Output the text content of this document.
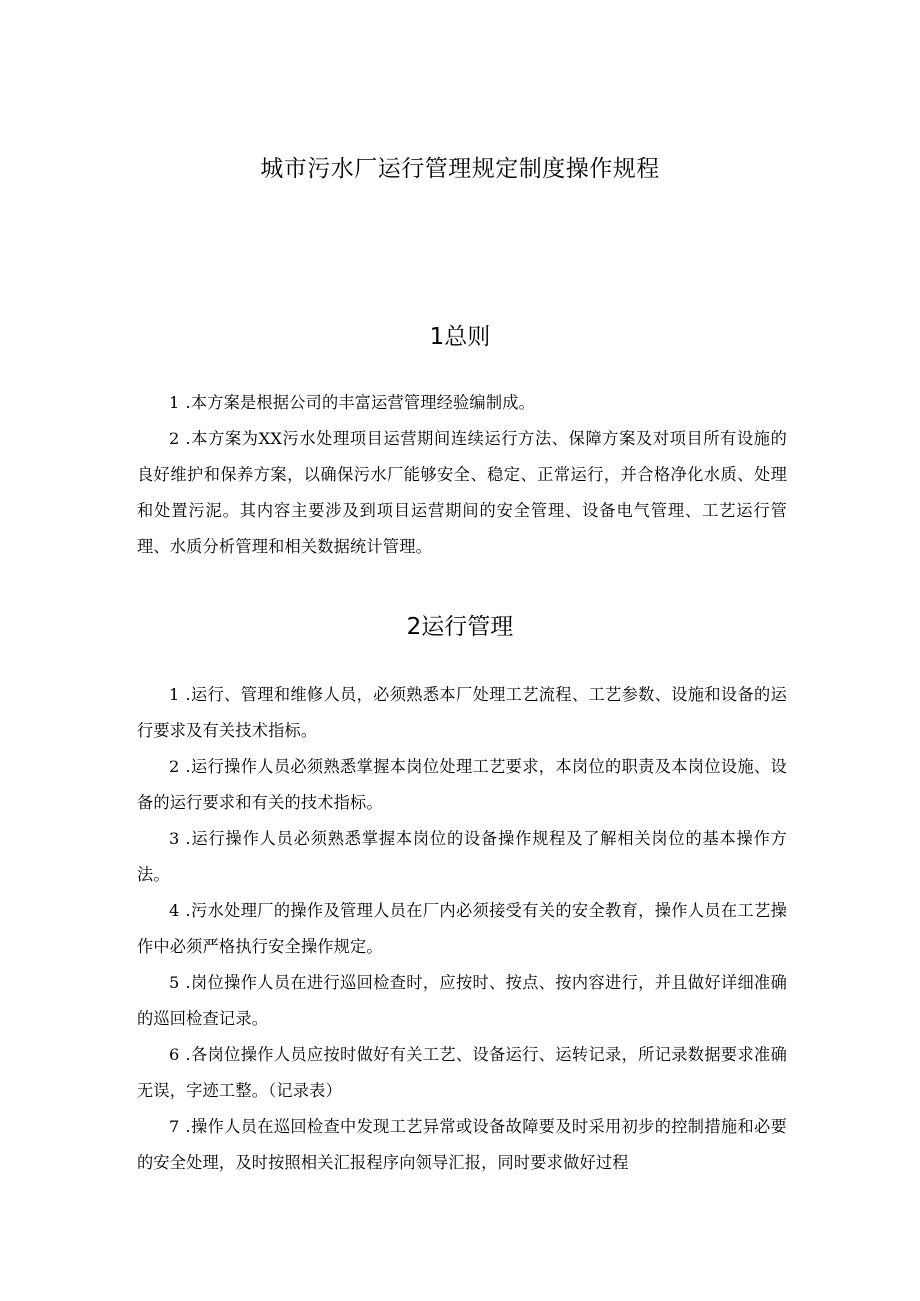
城市污水厂运行管理规定制度操作规程
1总则

1 .本方案是根据公司的丰富运营管理经验编制成。

2 .本方案为XX污水处理项目运营期间连续运行方法、保障方案及对项目所有设施的良好维护和保养方案，以确保污水厂能够安全、稳定、正常运行，并合格净化水质、处理和处置污泥。其内容主要涉及到项目运营期间的安全管理、设备电气管理、工艺运行管理、水质分析管理和相关数据统计管理。

2运行管理

1 .运行、管理和维修人员，必须熟悉本厂处理工艺流程、工艺参数、设施和设备的运行要求及有关技术指标。

2 .运行操作人员必须熟悉掌握本岗位处理工艺要求，本岗位的职责及本岗位设施、设备的运行要求和有关的技术指标。

3 .运行操作人员必须熟悉掌握本岗位的设备操作规程及了解相关岗位的基本操作方法。

4 .污水处理厂的操作及管理人员在厂内必须接受有关的安全教育，操作人员在工艺操作中必须严格执行安全操作规定。

5 .岗位操作人员在进行巡回检查时，应按时、按点、按内容进行，并且做好详细准确的巡回检查记录。

6 .各岗位操作人员应按时做好有关工艺、设备运行、运转记录，所记录数据要求准确无误，字迹工整。（记录表）

7 .操作人员在巡回检查中发现工艺异常或设备故障要及时采用初步的控制措施和必要的安全处理，及时按照相关汇报程序向领导汇报，同时要求做好过程
